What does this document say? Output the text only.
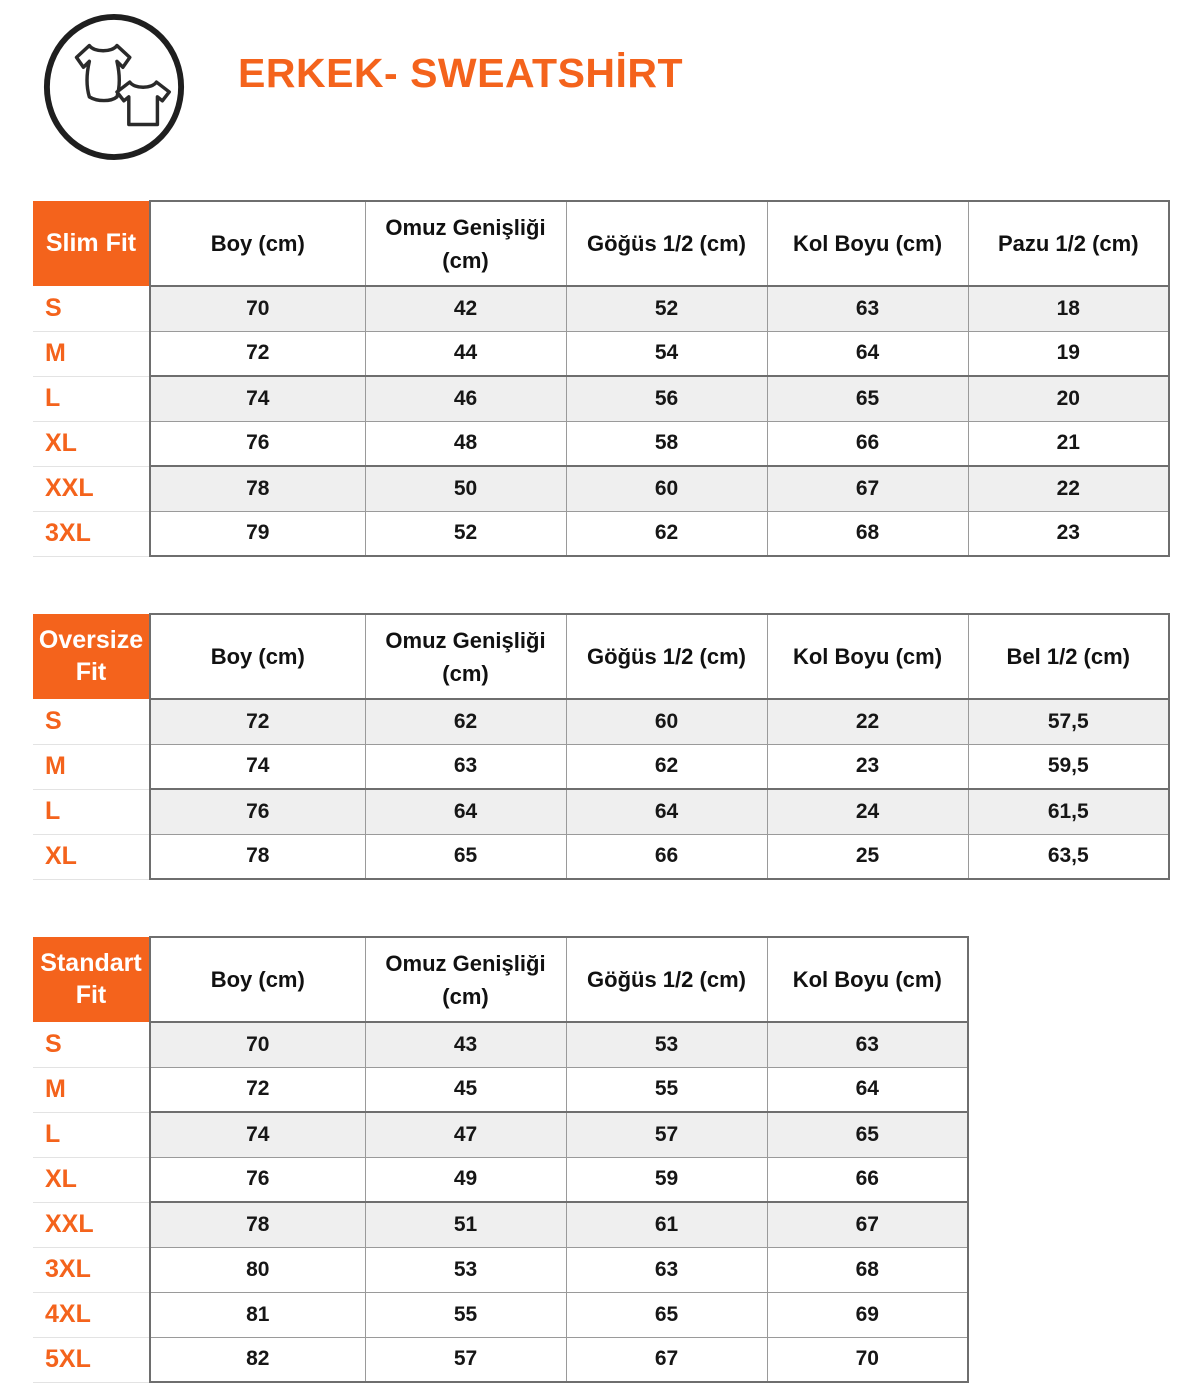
ERKEK- SWEATSHİRT
Slim Fit	Boy (cm)	Omuz Genişliği (cm)	Göğüs 1/2 (cm)	Kol Boyu (cm)	Pazu 1/2 (cm)
S	70	42	52	63	18
M	72	44	54	64	19
L	74	46	56	65	20
XL	76	48	58	66	21
XXL	78	50	60	67	22
3XL	79	52	62	68	23
Oversize Fit	Boy (cm)	Omuz Genişliği (cm)	Göğüs 1/2 (cm)	Kol Boyu (cm)	Bel 1/2 (cm)
S	72	62	60	22	57,5
M	74	63	62	23	59,5
L	76	64	64	24	61,5
XL	78	65	66	25	63,5
Standart Fit	Boy (cm)	Omuz Genişliği (cm)	Göğüs 1/2 (cm)	Kol Boyu (cm)
S	70	43	53	63
M	72	45	55	64
L	74	47	57	65
XL	76	49	59	66
XXL	78	51	61	67
3XL	80	53	63	68
4XL	81	55	65	69
5XL	82	57	67	70
